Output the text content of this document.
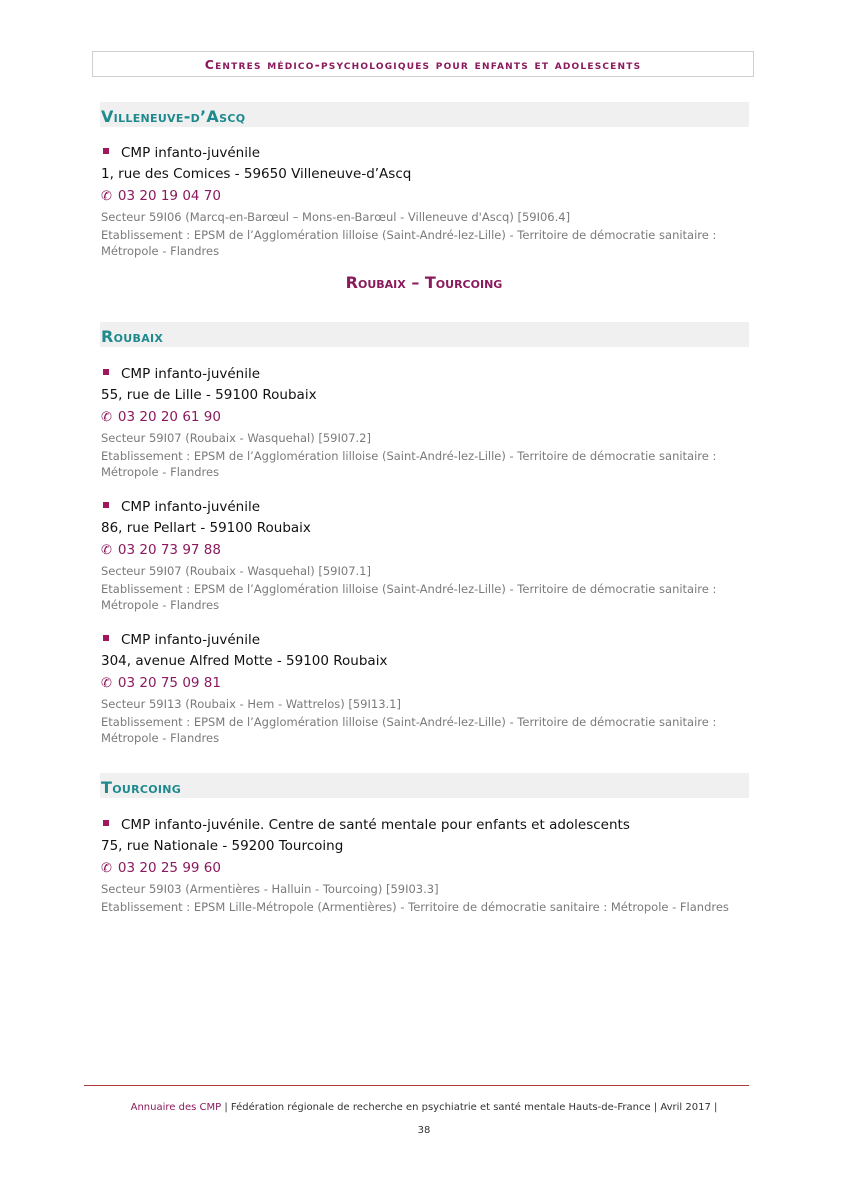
Centres médico-psychologiques pour enfants et adolescents
Villeneuve-d’Ascq
CMP infanto-juvénile
1, rue des Comices - 59650 Villeneuve-d’Ascq
✆ 03 20 19 04 70
Secteur 59I06 (Marcq-en-Barœul – Mons-en-Barœul - Villeneuve d'Ascq) [59I06.4]
Etablissement : EPSM de l’Agglomération lilloise (Saint-André-lez-Lille) - Territoire de démocratie sanitaire : Métropole - Flandres
Roubaix – Tourcoing
Roubaix
CMP infanto-juvénile
55, rue de Lille - 59100 Roubaix
✆ 03 20 20 61 90
Secteur 59I07 (Roubaix - Wasquehal) [59I07.2]
Etablissement : EPSM de l’Agglomération lilloise (Saint-André-lez-Lille) - Territoire de démocratie sanitaire : Métropole - Flandres
CMP infanto-juvénile
86, rue Pellart - 59100 Roubaix
✆ 03 20 73 97 88
Secteur 59I07 (Roubaix - Wasquehal) [59I07.1]
Etablissement : EPSM de l’Agglomération lilloise (Saint-André-lez-Lille) - Territoire de démocratie sanitaire : Métropole - Flandres
CMP infanto-juvénile
304, avenue Alfred Motte - 59100 Roubaix
✆ 03 20 75 09 81
Secteur 59I13 (Roubaix - Hem - Wattrelos) [59I13.1]
Etablissement : EPSM de l’Agglomération lilloise (Saint-André-lez-Lille) - Territoire de démocratie sanitaire : Métropole - Flandres
Tourcoing
CMP infanto-juvénile. Centre de santé mentale pour enfants et adolescents
75, rue Nationale - 59200 Tourcoing
✆ 03 20 25 99 60
Secteur 59I03 (Armentières - Halluin - Tourcoing) [59I03.3]
Etablissement : EPSM Lille-Métropole (Armentières) - Territoire de démocratie sanitaire : Métropole - Flandres
Annuaire des CMP | Fédération régionale de recherche en psychiatrie et santé mentale Hauts-de-France | Avril 2017 |
38
